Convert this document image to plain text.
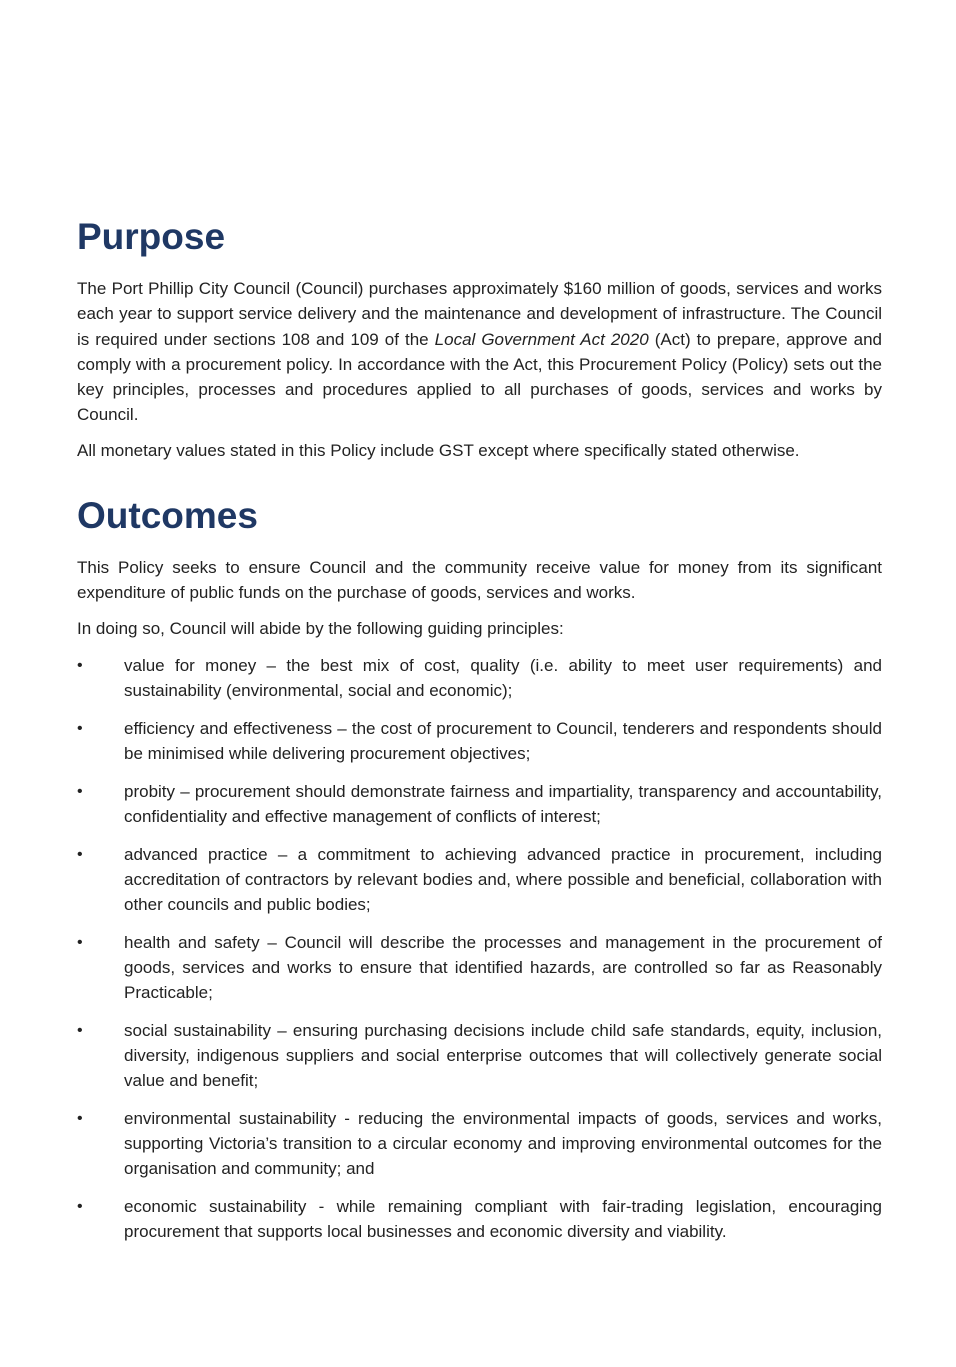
Purpose

The Port Phillip City Council (Council) purchases approximately $160 million of goods, services and works each year to support service delivery and the maintenance and development of infrastructure. The Council is required under sections 108 and 109 of the Local Government Act 2020 (Act) to prepare, approve and comply with a procurement policy. In accordance with the Act, this Procurement Policy (Policy) sets out the key principles, processes and procedures applied to all purchases of goods, services and works by Council.

All monetary values stated in this Policy include GST except where specifically stated otherwise.

Outcomes

This Policy seeks to ensure Council and the community receive value for money from its significant expenditure of public funds on the purchase of goods, services and works.

In doing so, Council will abide by the following guiding principles:

•	value for money – the best mix of cost, quality (i.e. ability to meet user requirements) and sustainability (environmental, social and economic);
•	efficiency and effectiveness – the cost of procurement to Council, tenderers and respondents should be minimised while delivering procurement objectives;
•	probity – procurement should demonstrate fairness and impartiality, transparency and accountability, confidentiality and effective management of conflicts of interest;
•	advanced practice – a commitment to achieving advanced practice in procurement, including accreditation of contractors by relevant bodies and, where possible and beneficial, collaboration with other councils and public bodies;
•	health and safety – Council will describe the processes and management in the procurement of goods, services and works to ensure that identified hazards, are controlled so far as Reasonably Practicable;
•	social sustainability – ensuring purchasing decisions include child safe standards, equity, inclusion, diversity, indigenous suppliers and social enterprise outcomes that will collectively generate social value and benefit;
•	environmental sustainability - reducing the environmental impacts of goods, services and works, supporting Victoria’s transition to a circular economy and improving environmental outcomes for the organisation and community; and
•	economic sustainability - while remaining compliant with fair-trading legislation, encouraging procurement that supports local businesses and economic diversity and viability.
